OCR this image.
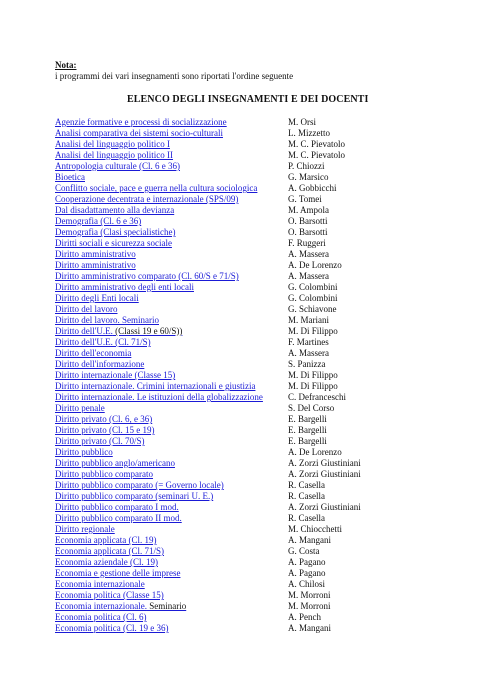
Nota:
i programmi dei vari insegnamenti sono riportati l'ordine seguente
ELENCO DEGLI INSEGNAMENTI E DEI DOCENTI
Agenzie formative e processi di socializzazione	M. Orsi
Analisi comparativa dei sistemi socio-culturali	L. Mizzetto
Analisi del linguaggio politico I	M. C. Pievatolo
Analisi del linguaggio politico II	M. C. Pievatolo
Antropologia culturale (Cl. 6 e 36)	P. Chiozzi
Bioetica	G. Marsico
Conflitto sociale, pace e guerra nella cultura sociologica	A. Gobbicchi
Cooperazione decentrata e internazionale (SPS/09)	G. Tomei
Dal disadattamento alla devianza	M. Ampola
Demografia (Cl. 6 e 36)	O. Barsotti
Demografia (Clasi specialistiche)	O. Barsotti
Diritti sociali e sicurezza sociale	F. Ruggeri
Diritto amministrativo	A. Massera
Diritto amministrativo	A. De Lorenzo
Diritto amministrativo comparato (Cl. 60/S e 71/S)	A. Massera
Diritto amministrativo degli enti locali	G. Colombini
Diritto degli Enti locali	G. Colombini
Diritto del lavoro	G. Schiavone
Diritto del lavoro. Seminario	M. Mariani
Diritto dell'U.E. (Classi 19 e 60/S))	M. Di Filippo
Diritto dell'U.E. (Cl. 71/S)	F. Martines
Diritto dell'economia	A. Massera
Diritto dell'informazione	S. Panizza
Diritto internazionale (Classe 15)	M. Di Filippo
Diritto internazionale. Crimini internazionali e giustizia	M. Di Filippo
Diritto internazionale. Le istituzioni della globalizzazione	C. Defranceschi
Diritto penale	S. Del Corso
Diritto privato (Cl. 6, e 36)	E. Bargelli
Diritto privato (Cl. 15 e 19)	E. Bargelli
Diritto privato (Cl. 70/S)	E. Bargelli
Diritto pubblico	A. De Lorenzo
Diritto pubblico anglo/americano	A. Zorzi Giustiniani
Diritto pubblico comparato	A. Zorzi Giustiniani
Diritto pubblico comparato (= Governo locale)	R. Casella
Diritto pubblico comparato (seminari U. E.)	R. Casella
Diritto pubblico comparato I mod.	A. Zorzi Giustiniani
Diritto pubblico comparato II mod.	R. Casella
Diritto regionale	M. Chiocchetti
Economia applicata (Cl. 19)	A. Mangani
Economia applicata (Cl. 71/S)	G. Costa
Economia aziendale (Cl. 19)	A. Pagano
Economia e gestione delle imprese	A. Pagano
Economia internazionale	A. Chilosi
Economia politica (Classe 15)	M. Morroni
Economia internazionale. Seminario	M. Morroni
Economia politica (Cl. 6)	A. Pench
Economia politica (Cl. 19 e 36)	A. Mangani
